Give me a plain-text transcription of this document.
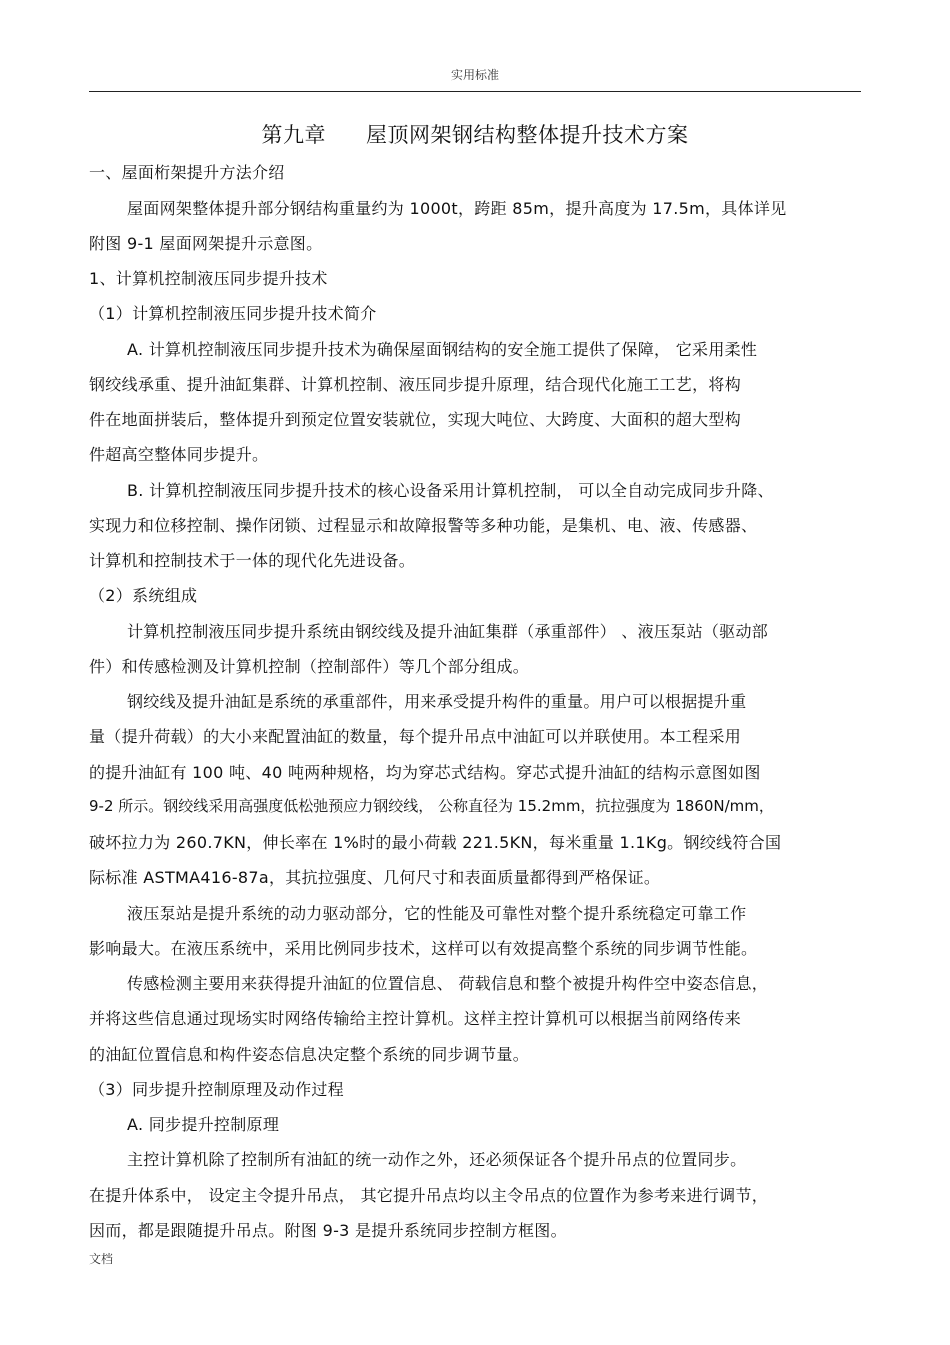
实用标准
第九章 屋顶网架钢结构整体提升技术方案
一、屋面桁架提升方法介绍
屋面网架整体提升部分钢结构重量约为 1000t，跨距 85m，提升高度为 17.5m，具体详见
附图 9-1 屋面网架提升示意图。
1、计算机控制液压同步提升技术
（1）计算机控制液压同步提升技术简介
A. 计算机控制液压同步提升技术为确保屋面钢结构的安全施工提供了保障， 它采用柔性
钢绞线承重、提升油缸集群、计算机控制、液压同步提升原理，结合现代化施工工艺，将构
件在地面拼装后，整体提升到预定位置安装就位，实现大吨位、大跨度、大面积的超大型构
件超高空整体同步提升。
B. 计算机控制液压同步提升技术的核心设备采用计算机控制， 可以全自动完成同步升降、
实现力和位移控制、操作闭锁、过程显示和故障报警等多种功能，是集机、电、液、传感器、
计算机和控制技术于一体的现代化先进设备。
（2）系统组成
计算机控制液压同步提升系统由钢绞线及提升油缸集群（承重部件） 、液压泵站（驱动部
件）和传感检测及计算机控制（控制部件）等几个部分组成。
钢绞线及提升油缸是系统的承重部件，用来承受提升构件的重量。用户可以根据提升重
量（提升荷载）的大小来配置油缸的数量，每个提升吊点中油缸可以并联使用。本工程采用
的提升油缸有 100 吨、40 吨两种规格，均为穿芯式结构。穿芯式提升油缸的结构示意图如图
9-2 所示。钢绞线采用高强度低松弛预应力钢绞线， 公称直径为 15.2mm，抗拉强度为 1860N/mm，
破坏拉力为 260.7KN，伸长率在 1%时的最小荷载 221.5KN，每米重量 1.1Kg。钢绞线符合国
际标准 ASTMA416-87a，其抗拉强度、几何尺寸和表面质量都得到严格保证。
液压泵站是提升系统的动力驱动部分，它的性能及可靠性对整个提升系统稳定可靠工作
影响最大。在液压系统中，采用比例同步技术，这样可以有效提高整个系统的同步调节性能。
传感检测主要用来获得提升油缸的位置信息、 荷载信息和整个被提升构件空中姿态信息，
并将这些信息通过现场实时网络传输给主控计算机。这样主控计算机可以根据当前网络传来
的油缸位置信息和构件姿态信息决定整个系统的同步调节量。
（3）同步提升控制原理及动作过程
A. 同步提升控制原理
主控计算机除了控制所有油缸的统一动作之外，还必须保证各个提升吊点的位置同步。
在提升体系中， 设定主令提升吊点， 其它提升吊点均以主令吊点的位置作为参考来进行调节，
因而，都是跟随提升吊点。附图 9-3 是提升系统同步控制方框图。
文档
